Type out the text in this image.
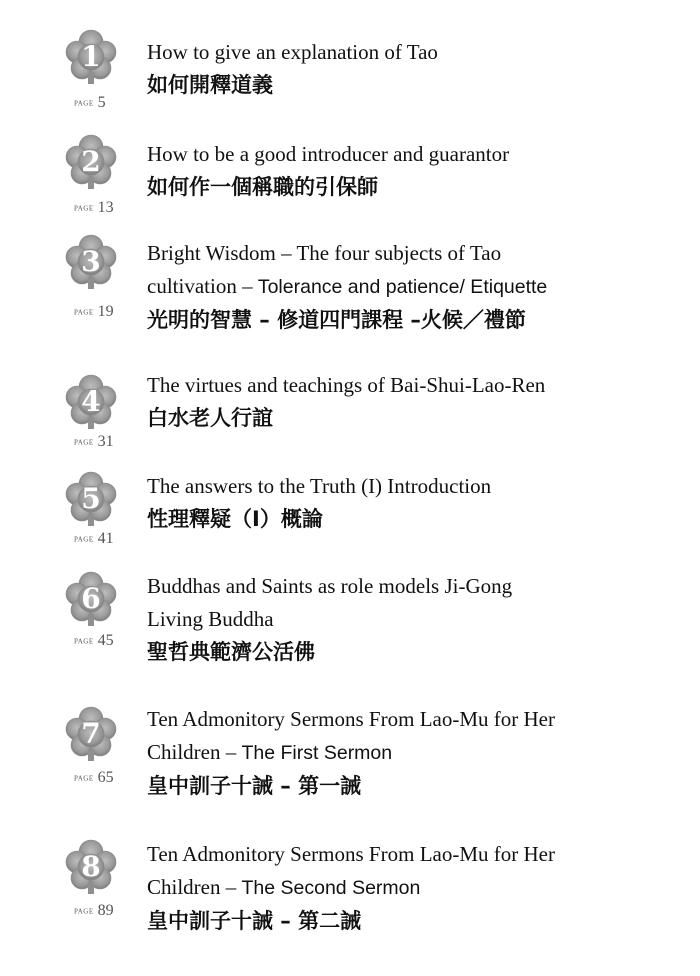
1
PAGE 5
How to give an explanation of Tao
如何開釋道義
2
PAGE 13
How to be a good introducer and guarantor
如何作一個稱職的引保師
3
PAGE 19
Bright Wisdom – The four subjects of Tao
cultivation – Tolerance and patience/ Etiquette
光明的智慧 – 修道四門課程 –火候／禮節
4
PAGE 31
The virtues and teachings of Bai-Shui-Lao-Ren
白水老人行誼
5
PAGE 41
The answers to the Truth (I) Introduction
性理釋疑（I）概論
6
PAGE 45
Buddhas and Saints as role models Ji-Gong
Living Buddha
聖哲典範濟公活佛
7
PAGE 65
Ten Admonitory Sermons From Lao-Mu for Her
Children – The First Sermon
皇中訓子十誡 – 第一誡
8
PAGE 89
Ten Admonitory Sermons From Lao-Mu for Her
Children – The Second Sermon
皇中訓子十誡 – 第二誡
